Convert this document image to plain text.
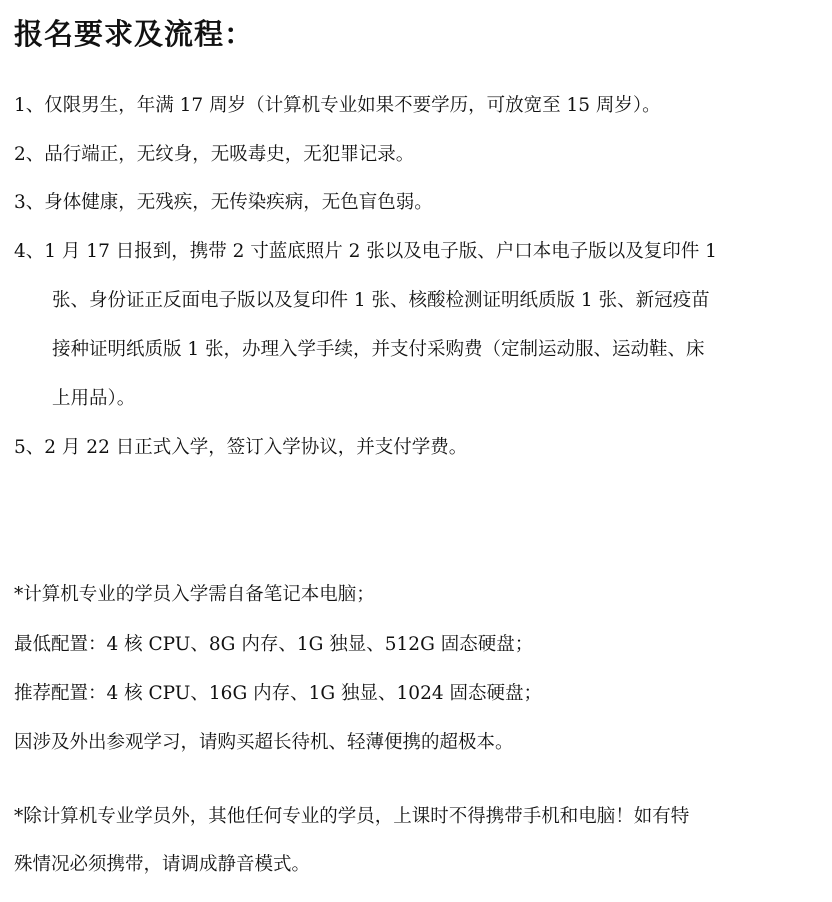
报名要求及流程：

1、仅限男生，年满 17 周岁（计算机专业如果不要学历，可放宽至 15 周岁）。

2、品行端正，无纹身，无吸毒史，无犯罪记录。

3、身体健康，无残疾，无传染疾病，无色盲色弱。

4、1 月 17 日报到，携带 2 寸蓝底照片 2 张以及电子版、户口本电子版以及复印件 1

张、身份证正反面电子版以及复印件 1 张、核酸检测证明纸质版 1 张、新冠疫苗

接种证明纸质版 1 张，办理入学手续，并支付采购费（定制运动服、运动鞋、床

上用品）。

5、2 月 22 日正式入学，签订入学协议，并支付学费。

*计算机专业的学员入学需自备笔记本电脑；

最低配置：4 核 CPU、8G 内存、1G 独显、512G 固态硬盘；

推荐配置：4 核 CPU、16G 内存、1G 独显、1024 固态硬盘；

因涉及外出参观学习，请购买超长待机、轻薄便携的超极本。

*除计算机专业学员外，其他任何专业的学员，上课时不得携带手机和电脑！如有特

殊情况必须携带，请调成静音模式。
